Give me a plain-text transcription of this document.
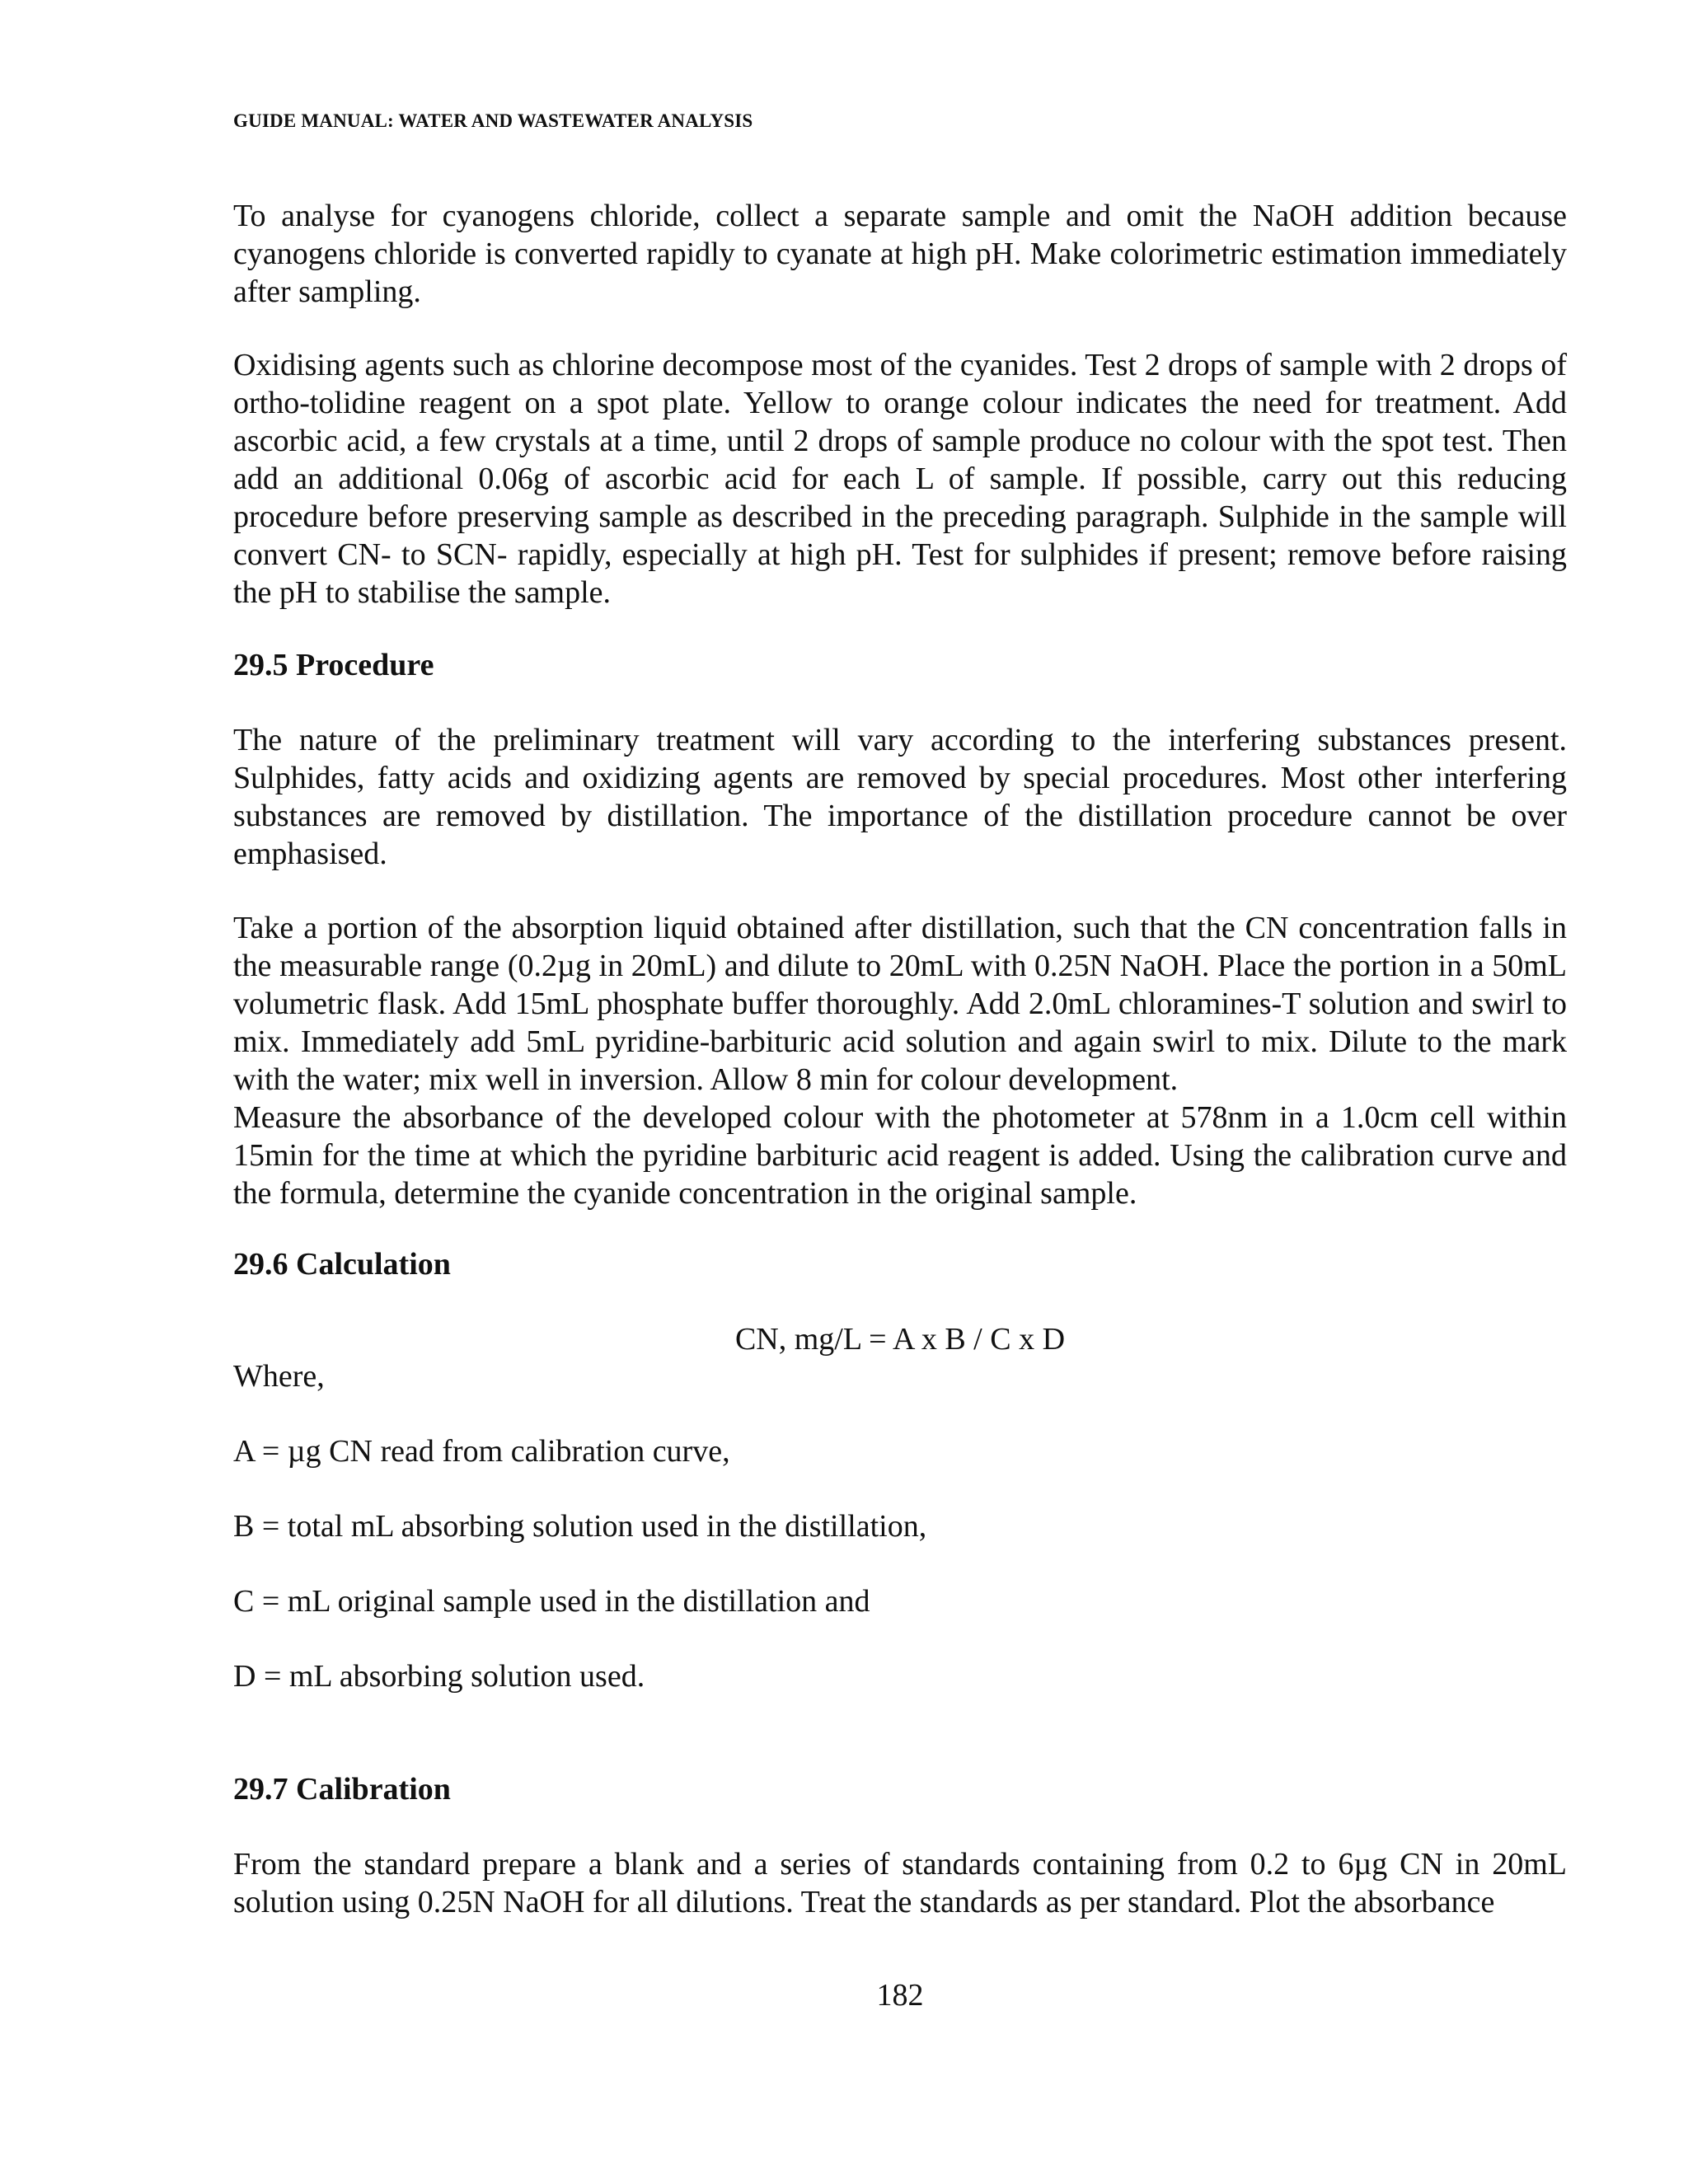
GUIDE MANUAL: WATER AND WASTEWATER ANALYSIS

To analyse for cyanogens chloride, collect a separate sample and omit the NaOH addition because cyanogens chloride is converted rapidly to cyanate at high pH. Make colorimetric estimation immediately after sampling.

Oxidising agents such as chlorine decompose most of the cyanides. Test 2 drops of sample with 2 drops of ortho-tolidine reagent on a spot plate. Yellow to orange colour indicates the need for treatment. Add ascorbic acid, a few crystals at a time, until 2 drops of sample produce no colour with the spot test. Then add an additional 0.06g of ascorbic acid for each L of sample. If possible, carry out this reducing procedure before preserving sample as described in the preceding paragraph. Sulphide in the sample will convert CN- to SCN- rapidly, especially at high pH. Test for sulphides if present; remove before raising the pH to stabilise the sample.

29.5 Procedure

The nature of the preliminary treatment will vary according to the interfering substances present. Sulphides, fatty acids and oxidizing agents are removed by special procedures. Most other interfering substances are removed by distillation. The importance of the distillation procedure cannot be over emphasised.

Take a portion of the absorption liquid obtained after distillation, such that the CN concentration falls in the measurable range (0.2µg in 20mL) and dilute to 20mL with 0.25N NaOH. Place the portion in a 50mL volumetric flask. Add 15mL phosphate buffer thoroughly. Add 2.0mL chloramines-T solution and swirl to mix. Immediately add 5mL pyridine-barbituric acid solution and again swirl to mix. Dilute to the mark with the water; mix well in inversion. Allow 8 min for colour development.

Measure the absorbance of the developed colour with the photometer at 578nm in a 1.0cm cell within 15min for the time at which the pyridine barbituric acid reagent is added. Using the calibration curve and the formula, determine the cyanide concentration in the original sample.

29.6 Calculation

CN, mg/L = A x B / C x D

Where,

A = µg CN read from calibration curve,

B = total mL absorbing solution used in the distillation,

C = mL original sample used in the distillation and

D = mL absorbing solution used.

29.7 Calibration

From the standard prepare a blank and a series of standards containing from 0.2 to 6µg CN in 20mL solution using 0.25N NaOH for all dilutions. Treat the standards as per standard. Plot the absorbance

182
